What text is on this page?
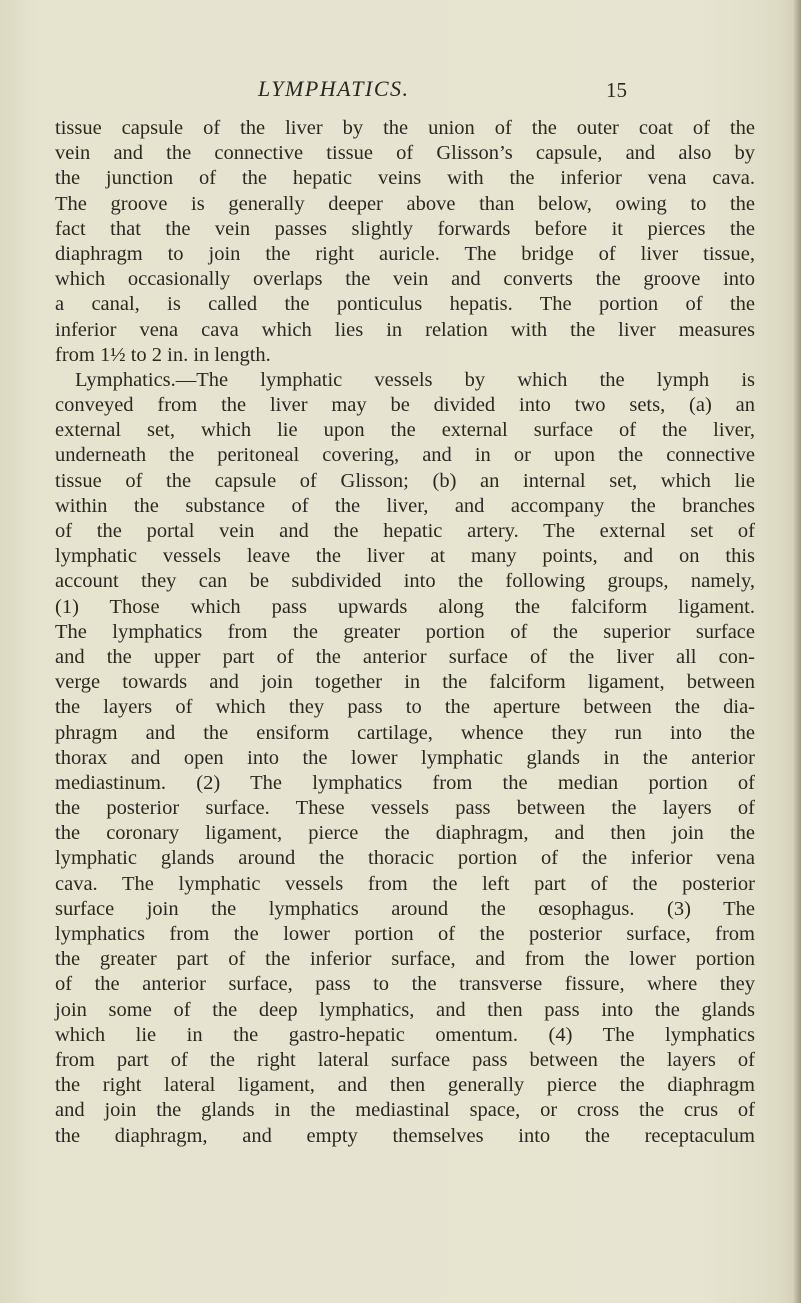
LYMPHATICS.	15
tissue capsule of the liver by the union of the outer coat of the
vein and the connective tissue of Glisson’s capsule, and also by
the junction of the hepatic veins with the inferior vena cava.
The groove is generally deeper above than below, owing to the
fact that the vein passes slightly forwards before it pierces the
diaphragm to join the right auricle. The bridge of liver tissue,
which occasionally overlaps the vein and converts the groove into
a canal, is called the ponticulus hepatis. The portion of the
inferior vena cava which lies in relation with the liver measures
from 1½ to 2 in. in length.
Lymphatics.—The lymphatic vessels by which the lymph is
conveyed from the liver may be divided into two sets, (a) an
external set, which lie upon the external surface of the liver,
underneath the peritoneal covering, and in or upon the connective
tissue of the capsule of Glisson; (b) an internal set, which lie
within the substance of the liver, and accompany the branches
of the portal vein and the hepatic artery. The external set of
lymphatic vessels leave the liver at many points, and on this
account they can be subdivided into the following groups, namely,
(1) Those which pass upwards along the falciform ligament.
The lymphatics from the greater portion of the superior surface
and the upper part of the anterior surface of the liver all con-
verge towards and join together in the falciform ligament, between
the layers of which they pass to the aperture between the dia-
phragm and the ensiform cartilage, whence they run into the
thorax and open into the lower lymphatic glands in the anterior
mediastinum. (2) The lymphatics from the median portion of
the posterior surface. These vessels pass between the layers of
the coronary ligament, pierce the diaphragm, and then join the
lymphatic glands around the thoracic portion of the inferior vena
cava. The lymphatic vessels from the left part of the posterior
surface join the lymphatics around the œsophagus. (3) The
lymphatics from the lower portion of the posterior surface, from
the greater part of the inferior surface, and from the lower portion
of the anterior surface, pass to the transverse fissure, where they
join some of the deep lymphatics, and then pass into the glands
which lie in the gastro-hepatic omentum. (4) The lymphatics
from part of the right lateral surface pass between the layers of
the right lateral ligament, and then generally pierce the diaphragm
and join the glands in the mediastinal space, or cross the crus of
the diaphragm, and empty themselves into the receptaculum
